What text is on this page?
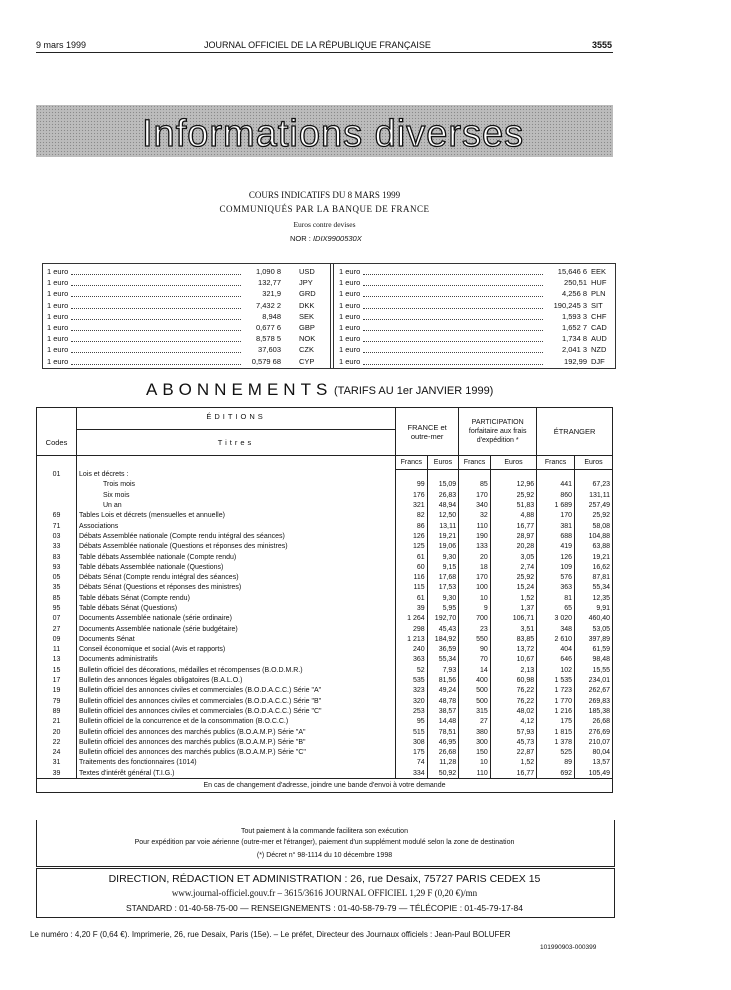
9 mars 1999	JOURNAL OFFICIEL DE LA RÉPUBLIQUE FRANÇAISE	3555
Informations diverses
COURS INDICATIFS DU 8 MARS 1999
COMMUNIQUÉS PAR LA BANQUE DE FRANCE
Euros contre devises
NOR : IDIX9900530X
1 euro	1,090 8 USD
1 euro	132,77 JPY
1 euro	321,9 GRD
1 euro	7,432 2 DKK
1 euro	8,948 SEK
1 euro	0,677 6 GBP
1 euro	8,578 5 NOK
1 euro	37,603 CZK
1 euro	0,579 68 CYP
1 euro	15,646 6 EEK
1 euro	250,51 HUF
1 euro	4,256 8 PLN
1 euro	190,245 3 SIT
1 euro	1,593 3 CHF
1 euro	1,652 7 CAD
1 euro	1,734 8 AUD
1 euro	2,041 3 NZD
1 euro	192,99 DJF
ABONNEMENTS (TARIFS AU 1er JANVIER 1999)
	ÉDITIONS	FRANCE et outre-mer		PARTICIPATION forfaitaire aux frais d'expédition *		ÉTRANGER	
Codes	Titres						
		Francs	Euros	Francs	Euros	Francs	Euros
01	Lois et décrets :						
	Trois mois	99	15,09	85	12,96	441	67,23
	Six mois	176	26,83	170	25,92	860	131,11
	Un an	321	48,94	340	51,83	1 689	257,49
69	Tables Lois et décrets (mensuelles et annuelle)	82	12,50	32	4,88	170	25,92
71	Associations	86	13,11	110	16,77	381	58,08
03	Débats Assemblée nationale (Compte rendu intégral des séances)	126	19,21	190	28,97	688	104,88
33	Débats Assemblée nationale (Questions et réponses des ministres)	125	19,06	133	20,28	419	63,88
83	Table débats Assemblée nationale (Compte rendu)	61	9,30	20	3,05	126	19,21
93	Table débats Assemblée nationale (Questions)	60	9,15	18	2,74	109	16,62
05	Débats Sénat (Compte rendu intégral des séances)	116	17,68	170	25,92	576	87,81
35	Débats Sénat (Questions et réponses des ministres)	115	17,53	100	15,24	363	55,34
85	Table débats Sénat (Compte rendu)	61	9,30	10	1,52	81	12,35
95	Table débats Sénat (Questions)	39	5,95	9	1,37	65	9,91
07	Documents Assemblée nationale (série ordinaire)	1 264	192,70	700	106,71	3 020	460,40
27	Documents Assemblée nationale (série budgétaire)	298	45,43	23	3,51	348	53,05
09	Documents Sénat	1 213	184,92	550	83,85	2 610	397,89
11	Conseil économique et social (Avis et rapports)	240	36,59	90	13,72	404	61,59
13	Documents administratifs	363	55,34	70	10,67	646	98,48
15	Bulletin officiel des décorations, médailles et récompenses (B.O.D.M.R.)	52	7,93	14	2,13	102	15,55
17	Bulletin des annonces légales obligatoires (B.A.L.O.)	535	81,56	400	60,98	1 535	234,01
19	Bulletin officiel des annonces civiles et commerciales (B.O.D.A.C.C.) Série "A"	323	49,24	500	76,22	1 723	262,67
79	Bulletin officiel des annonces civiles et commerciales (B.O.D.A.C.C.) Série "B"	320	48,78	500	76,22	1 770	269,83
89	Bulletin officiel des annonces civiles et commerciales (B.O.D.A.C.C.) Série "C"	253	38,57	315	48,02	1 216	185,38
21	Bulletin officiel de la concurrence et de la consommation (B.O.C.C.)	95	14,48	27	4,12	175	26,68
20	Bulletin officiel des annonces des marchés publics (B.O.A.M.P.) Série "A"	515	78,51	380	57,93	1 815	276,69
22	Bulletin officiel des annonces des marchés publics (B.O.A.M.P.) Série "B"	308	46,95	300	45,73	1 378	210,07
24	Bulletin officiel des annonces des marchés publics (B.O.A.M.P.) Série "C"	175	26,68	150	22,87	525	80,04
31	Traitements des fonctionnaires (1014)	74	11,28	10	1,52	89	13,57
39	Textes d'intérêt général (T.I.G.)	334	50,92	110	16,77	692	105,49
En cas de changement d'adresse, joindre une bande d'envoi à votre demande							
Tout paiement à la commande facilitera son exécution
Pour expédition par voie aérienne (outre-mer et l'étranger), paiement d'un supplément modulé selon la zone de destination
(*) Décret n° 98-1114 du 10 décembre 1998
DIRECTION, RÉDACTION ET ADMINISTRATION : 26, rue Desaix, 75727 PARIS CEDEX 15
www.journal-officiel.gouv.fr – 3615/3616 JOURNAL OFFICIEL 1,29 F (0,20 €)/mn
STANDARD : 01-40-58-75-00 — RENSEIGNEMENTS : 01-40-58-79-79 — TÉLÉCOPIE : 01-45-79-17-84
Le numéro : 4,20 F (0,64 €). Imprimerie, 26, rue Desaix, Paris (15e). – Le préfet, Directeur des Journaux officiels : Jean-Paul BOLUFER
101990903-000399
